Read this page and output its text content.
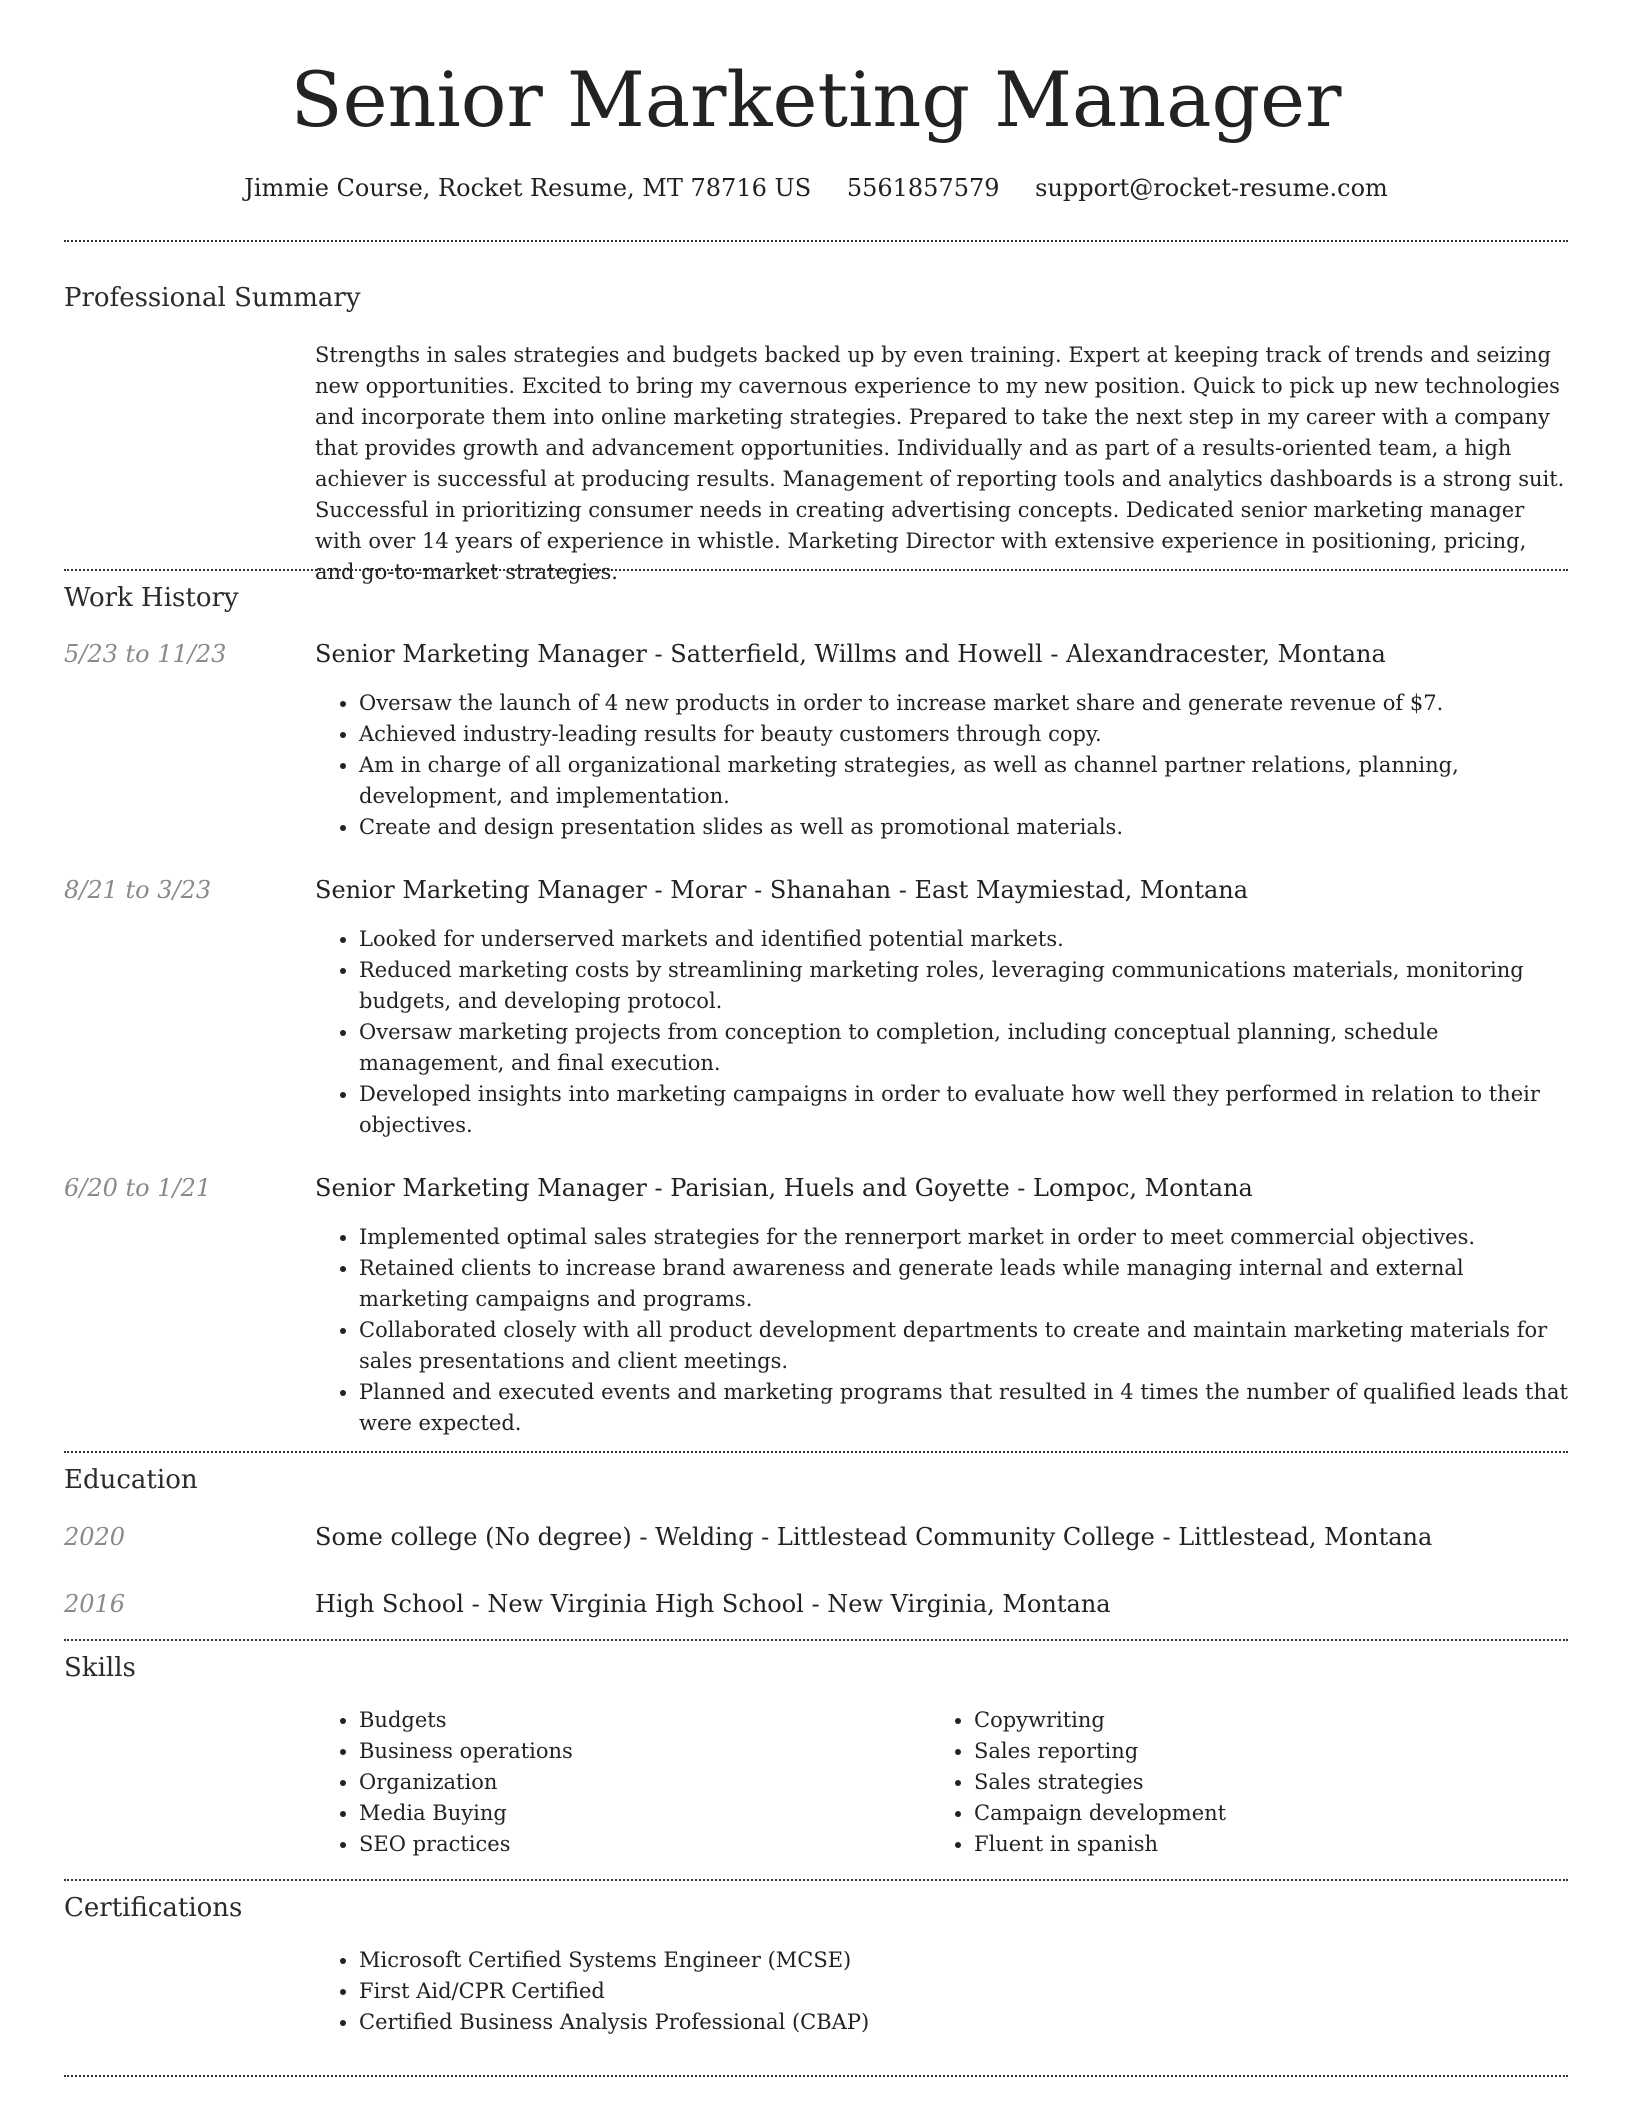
Senior Marketing Manager
Jimmie Course, Rocket Resume, MT 78716 US 5561857579 support@rocket-resume.com
Professional Summary

Strengths in sales strategies and budgets backed up by even training. Expert at keeping track of trends and seizing new opportunities. Excited to bring my cavernous experience to my new position. Quick to pick up new technologies and incorporate them into online marketing strategies. Prepared to take the next step in my career with a company that provides growth and advancement opportunities. Individually and as part of a results-oriented team, a high achiever is successful at producing results. Management of reporting tools and analytics dashboards is a strong suit. Successful in prioritizing consumer needs in creating advertising concepts. Dedicated senior marketing manager with over 14 years of experience in whistle. Marketing Director with extensive experience in positioning, pricing, and go-to-market strategies.

Work History
5/23 to 11/23	Senior Marketing Manager - Satterfield, Willms and Howell - Alexandracester, Montana
• Oversaw the launch of 4 new products in order to increase market share and generate revenue of $7.
• Achieved industry-leading results for beauty customers through copy.
• Am in charge of all organizational marketing strategies, as well as channel partner relations, planning, development, and implementation.
• Create and design presentation slides as well as promotional materials.
8/21 to 3/23	Senior Marketing Manager - Morar - Shanahan - East Maymiestad, Montana
• Looked for underserved markets and identified potential markets.
• Reduced marketing costs by streamlining marketing roles, leveraging communications materials, monitoring budgets, and developing protocol.
• Oversaw marketing projects from conception to completion, including conceptual planning, schedule management, and final execution.
• Developed insights into marketing campaigns in order to evaluate how well they performed in relation to their objectives.
6/20 to 1/21	Senior Marketing Manager - Parisian, Huels and Goyette - Lompoc, Montana
• Implemented optimal sales strategies for the rennerport market in order to meet commercial objectives.
• Retained clients to increase brand awareness and generate leads while managing internal and external marketing campaigns and programs.
• Collaborated closely with all product development departments to create and maintain marketing materials for sales presentations and client meetings.
• Planned and executed events and marketing programs that resulted in 4 times the number of qualified leads that were expected.
Education
2020	Some college (No degree) - Welding - Littlestead Community College - Littlestead, Montana
2016	High School - New Virginia High School - New Virginia, Montana
Skills
• Budgets
• Business operations
• Organization
• Media Buying
• SEO practices
• Copywriting
• Sales reporting
• Sales strategies
• Campaign development
• Fluent in spanish
Certifications
• Microsoft Certified Systems Engineer (MCSE)
• First Aid/CPR Certified
• Certified Business Analysis Professional (CBAP)
